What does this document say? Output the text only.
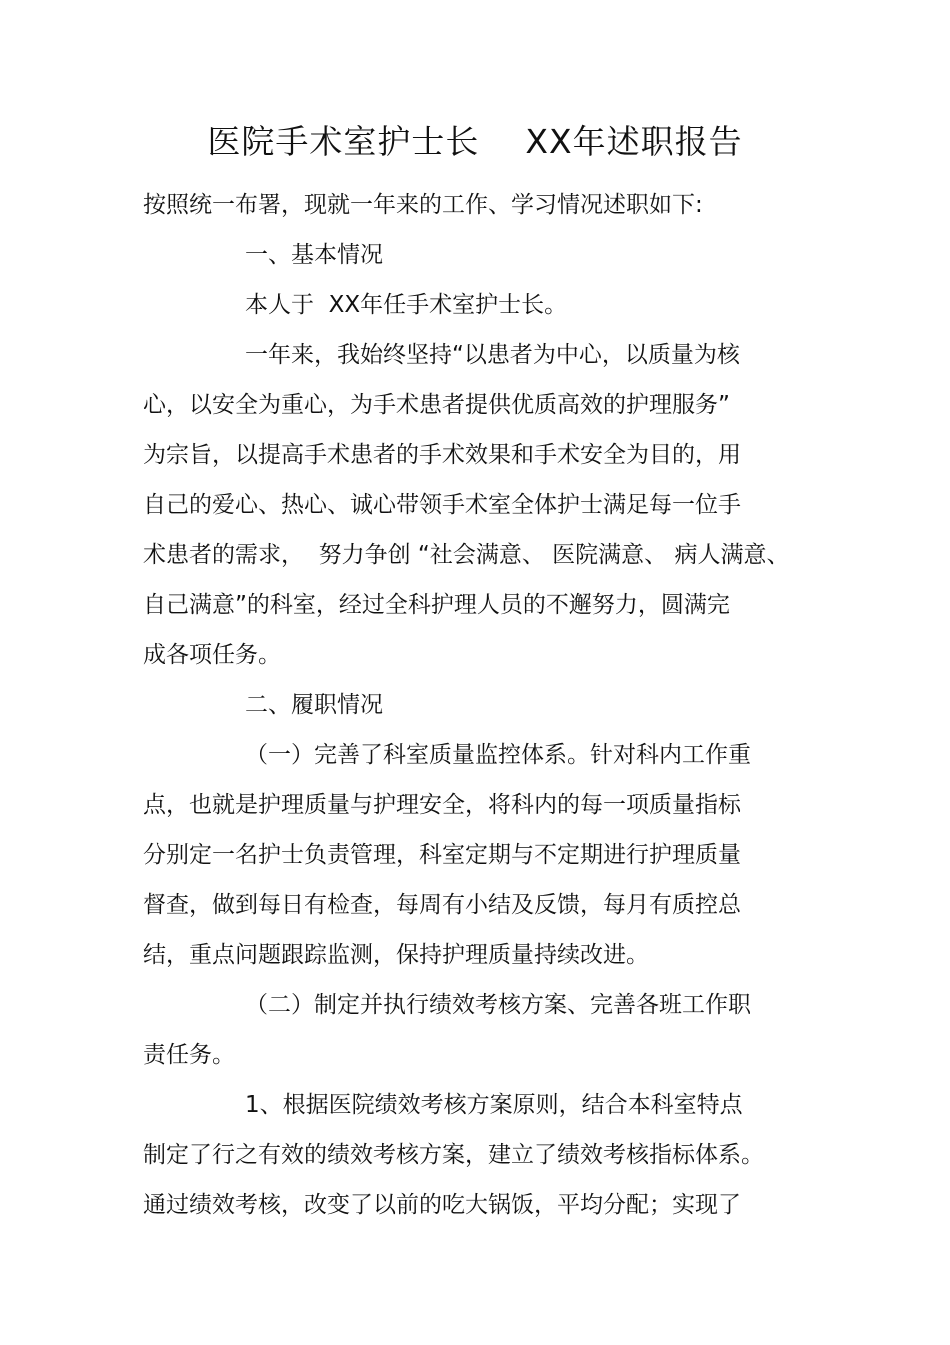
医院手术室护士长    XX年述职报告
按照统一布署，现就一年来的工作、学习情况述职如下:
一、基本情况
本人于  XX年任手术室护士长。
一年来，我始终坚持“以患者为中心，以质量为核
心，以安全为重心，为手术患者提供优质高效的护理服务”
为宗旨，以提高手术患者的手术效果和手术安全为目的，用
自己的爱心、热心、诚心带领手术室全体护士满足每一位手
术患者的需求，  努力争创 “社会满意、 医院满意、 病人满意、
自己满意”的科室，经过全科护理人员的不邂努力，圆满完
成各项任务。
二、履职情况
（一）完善了科室质量监控体系。针对科内工作重
点，也就是护理质量与护理安全，将科内的每一项质量指标
分别定一名护士负责管理，科室定期与不定期进行护理质量
督查，做到每日有检查，每周有小结及反馈，每月有质控总
结，重点问题跟踪监测，保持护理质量持续改进。
（二）制定并执行绩效考核方案、完善各班工作职
责任务。
1、根据医院绩效考核方案原则，结合本科室特点
制定了行之有效的绩效考核方案，建立了绩效考核指标体系。
通过绩效考核，改变了以前的吃大锅饭，平均分配；实现了
